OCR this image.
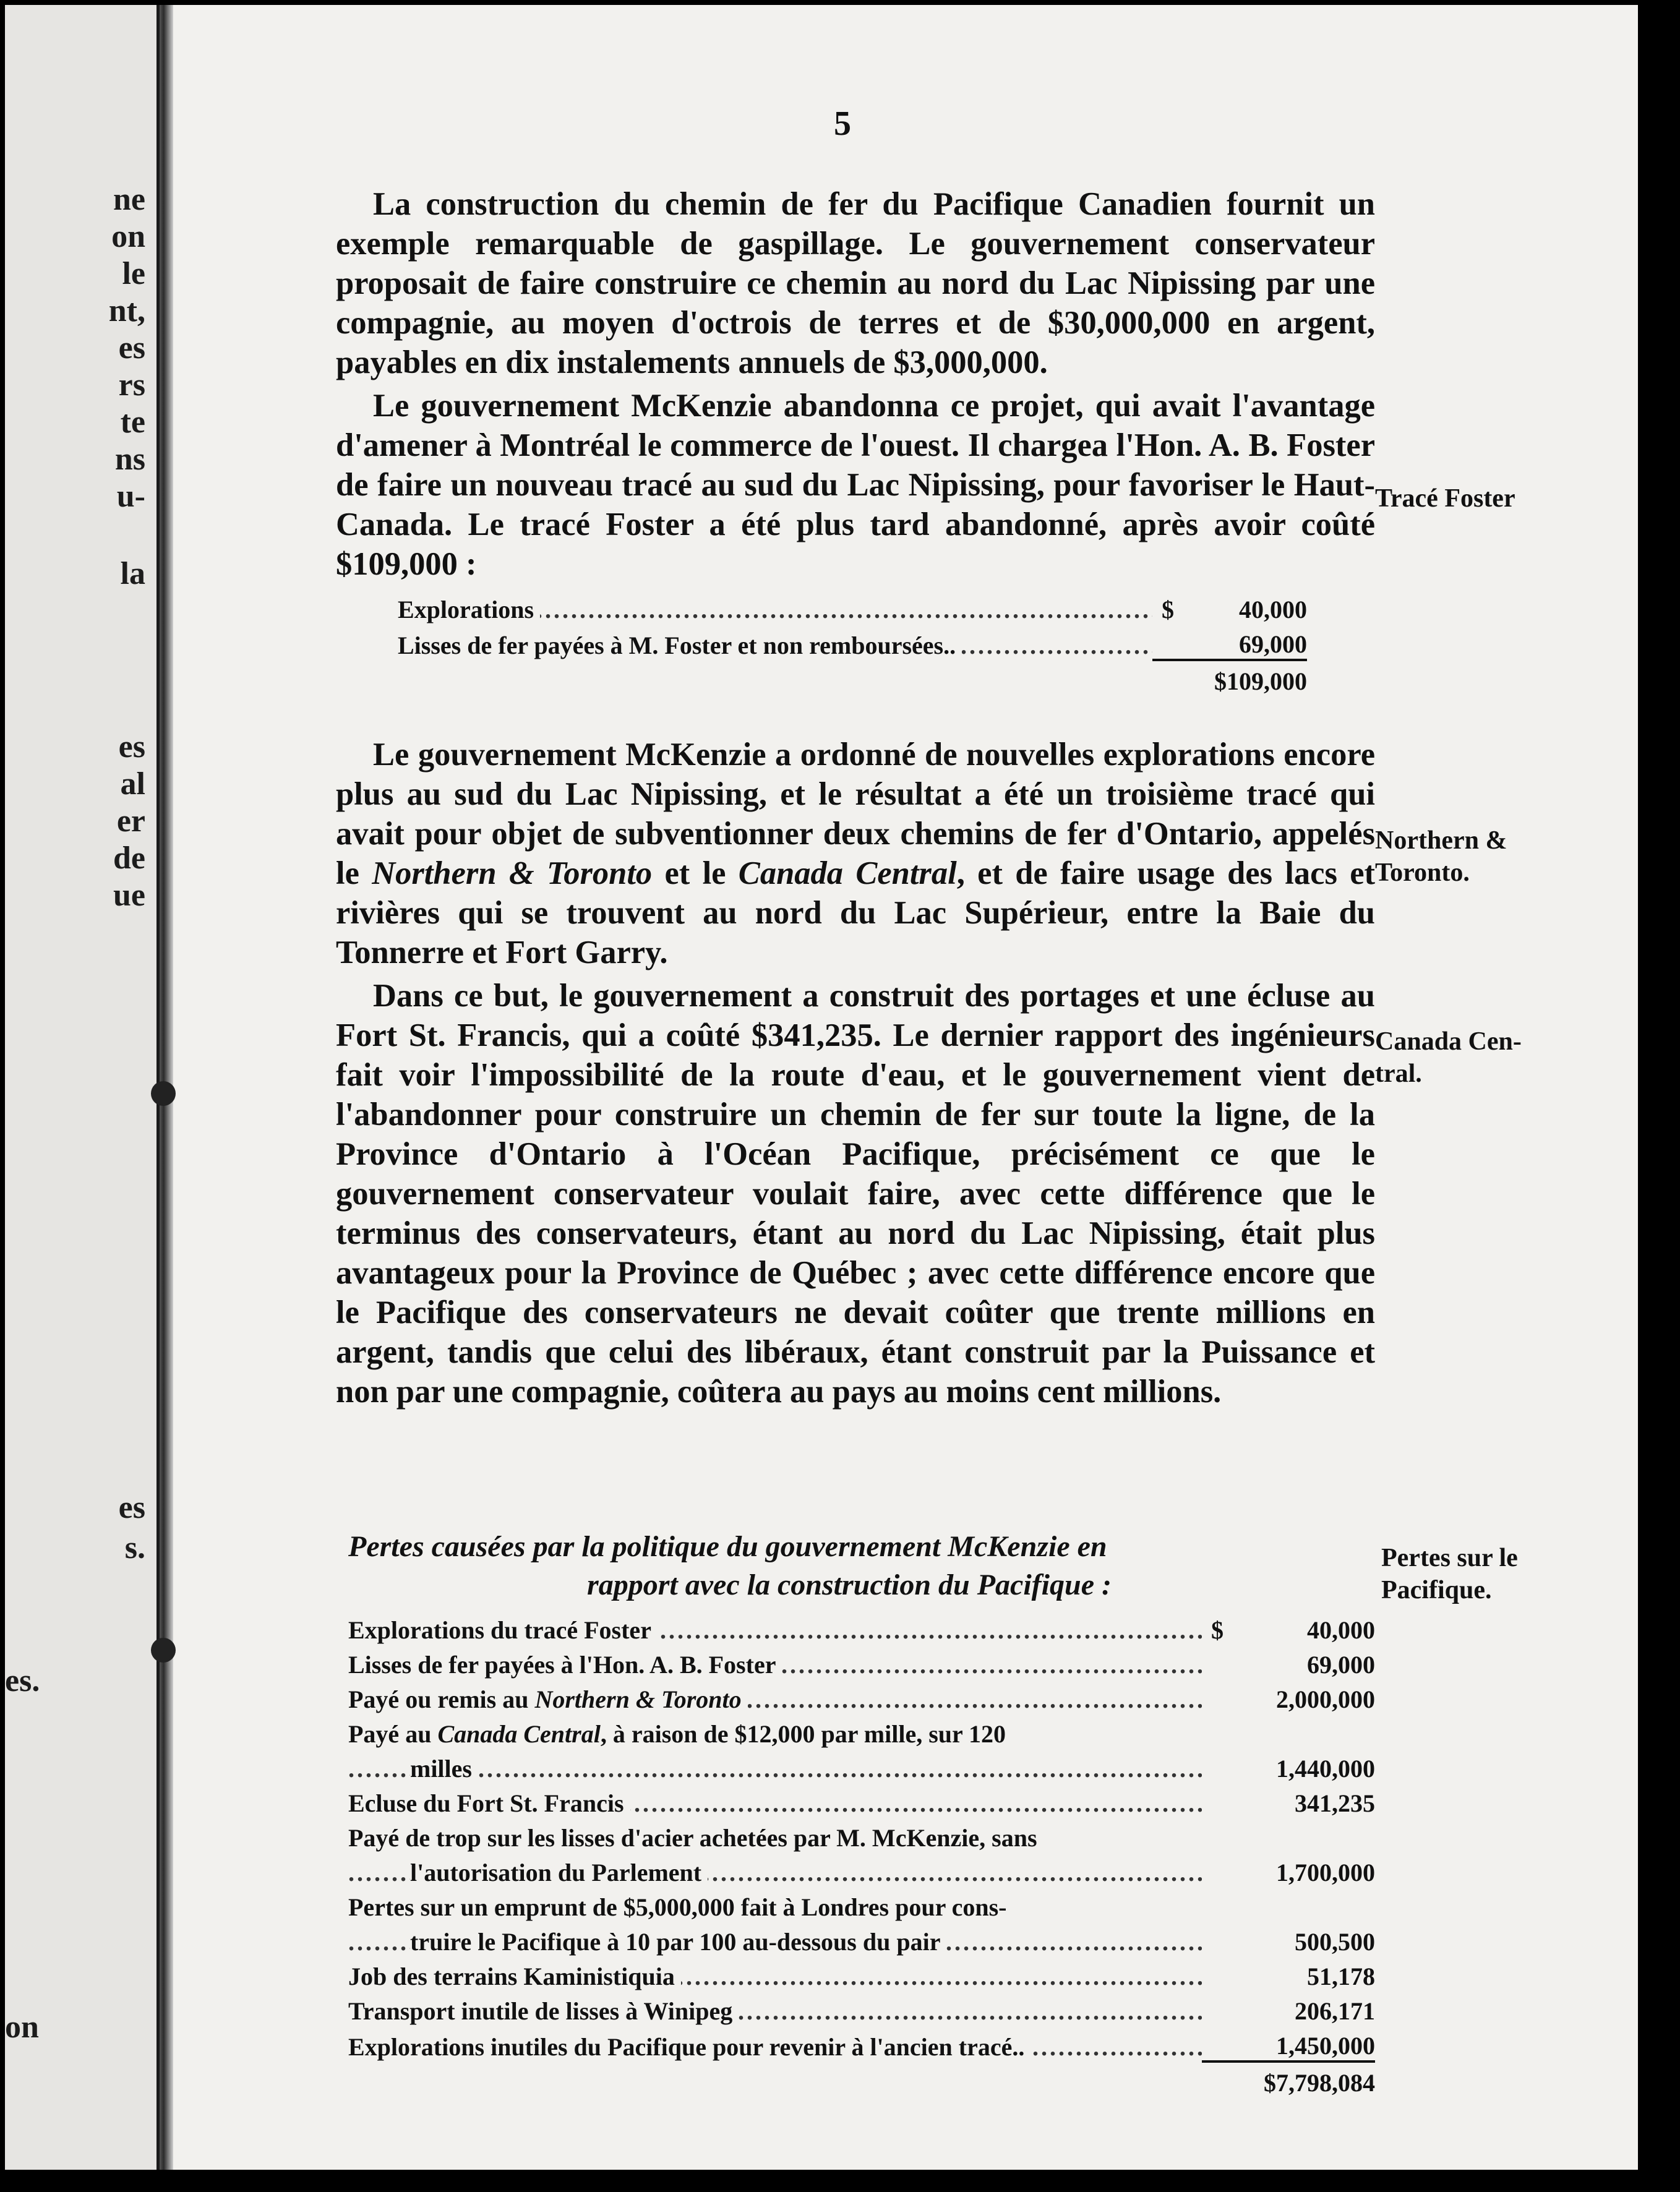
ne
on
le
nt,
es
rs
te
ns
u-
la
es
al
er
de
ue
es
s.
es.
on
5

La construction du chemin de fer du Pacifique Canadien fournit un exemple remarquable de gaspillage. Le gouvernement conservateur proposait de faire construire ce chemin au nord du Lac Nipissing par une compagnie, au moyen d'octrois de terres et de $30,000,000 en argent, payables en dix instalements annuels de $3,000,000.

Le gouvernement McKenzie abandonna ce projet, qui avait l'avantage d'amener à Montréal le commerce de l'ouest. Il chargea l'Hon. A. B. Foster de faire un nouveau tracé au sud du Lac Nipissing, pour favoriser le Haut-Canada. Le tracé Foster a été plus tard abandonné, après avoir coûté $109,000 :

Tracé Foster
Explorations .....	$	40,000

Lisses de fer payées à M. Foster et non remboursées.. .....		69,000
	$109,000	

Le gouvernement McKenzie a ordonné de nouvelles explorations encore plus au sud du Lac Nipissing, et le résultat a été un troisième tracé qui avait pour objet de subventionner deux chemins de fer d'Ontario, appelés le Northern & Toronto et le Canada Central, et de faire usage des lacs et rivières qui se trouvent au nord du Lac Supérieur, entre la Baie du Tonnerre et Fort Garry.

Dans ce but, le gouvernement a construit des portages et une écluse au Fort St. Francis, qui a coûté $341,235. Le dernier rapport des ingénieurs fait voir l'impossibilité de la route d'eau, et le gouvernement vient de l'abandonner pour construire un chemin de fer sur toute la ligne, de la Province d'Ontario à l'Océan Pacifique, précisément ce que le gouvernement conservateur voulait faire, avec cette différence que le terminus des conservateurs, étant au nord du Lac Nipissing, était plus avantageux pour la Province de Québec ; avec cette différence encore que le Pacifique des conservateurs ne devait coûter que trente millions en argent, tandis que celui des libéraux, étant construit par la Puissance et non par une compagnie, coûtera au pays au moins cent millions.

Northern &
Toronto.
Canada Cen-
tral.
Pertes sur le
Pacifique.
Pertes causées par la politique du gouvernement McKenzie en
rapport avec la construction du Pacifique :
Explorations du tracé Foster .....	$	40,000

Lisses de fer payées à l'Hon. A. B. Foster .....		69,000

Payé ou remis au Northern & Toronto .....		2,000,000
Payé au Canada Central, à raison de $12,000 par mille, sur 120		

milles .....		1,440,000

Ecluse du Fort St. Francis .....		341,235
Payé de trop sur les lisses d'acier achetées par M. McKenzie, sans		

l'autorisation du Parlement .....		1,700,000
Pertes sur un emprunt de $5,000,000 fait à Londres pour cons-		

truire le Pacifique à 10 par 100 au-dessous du pair .....		500,500

Job des terrains Kaministiquia .....		51,178

Transport inutile de lisses à Winipeg .....		206,171

Explorations inutiles du Pacifique pour revenir à l'ancien tracé.. .....		1,450,000
	$7,798,084	
